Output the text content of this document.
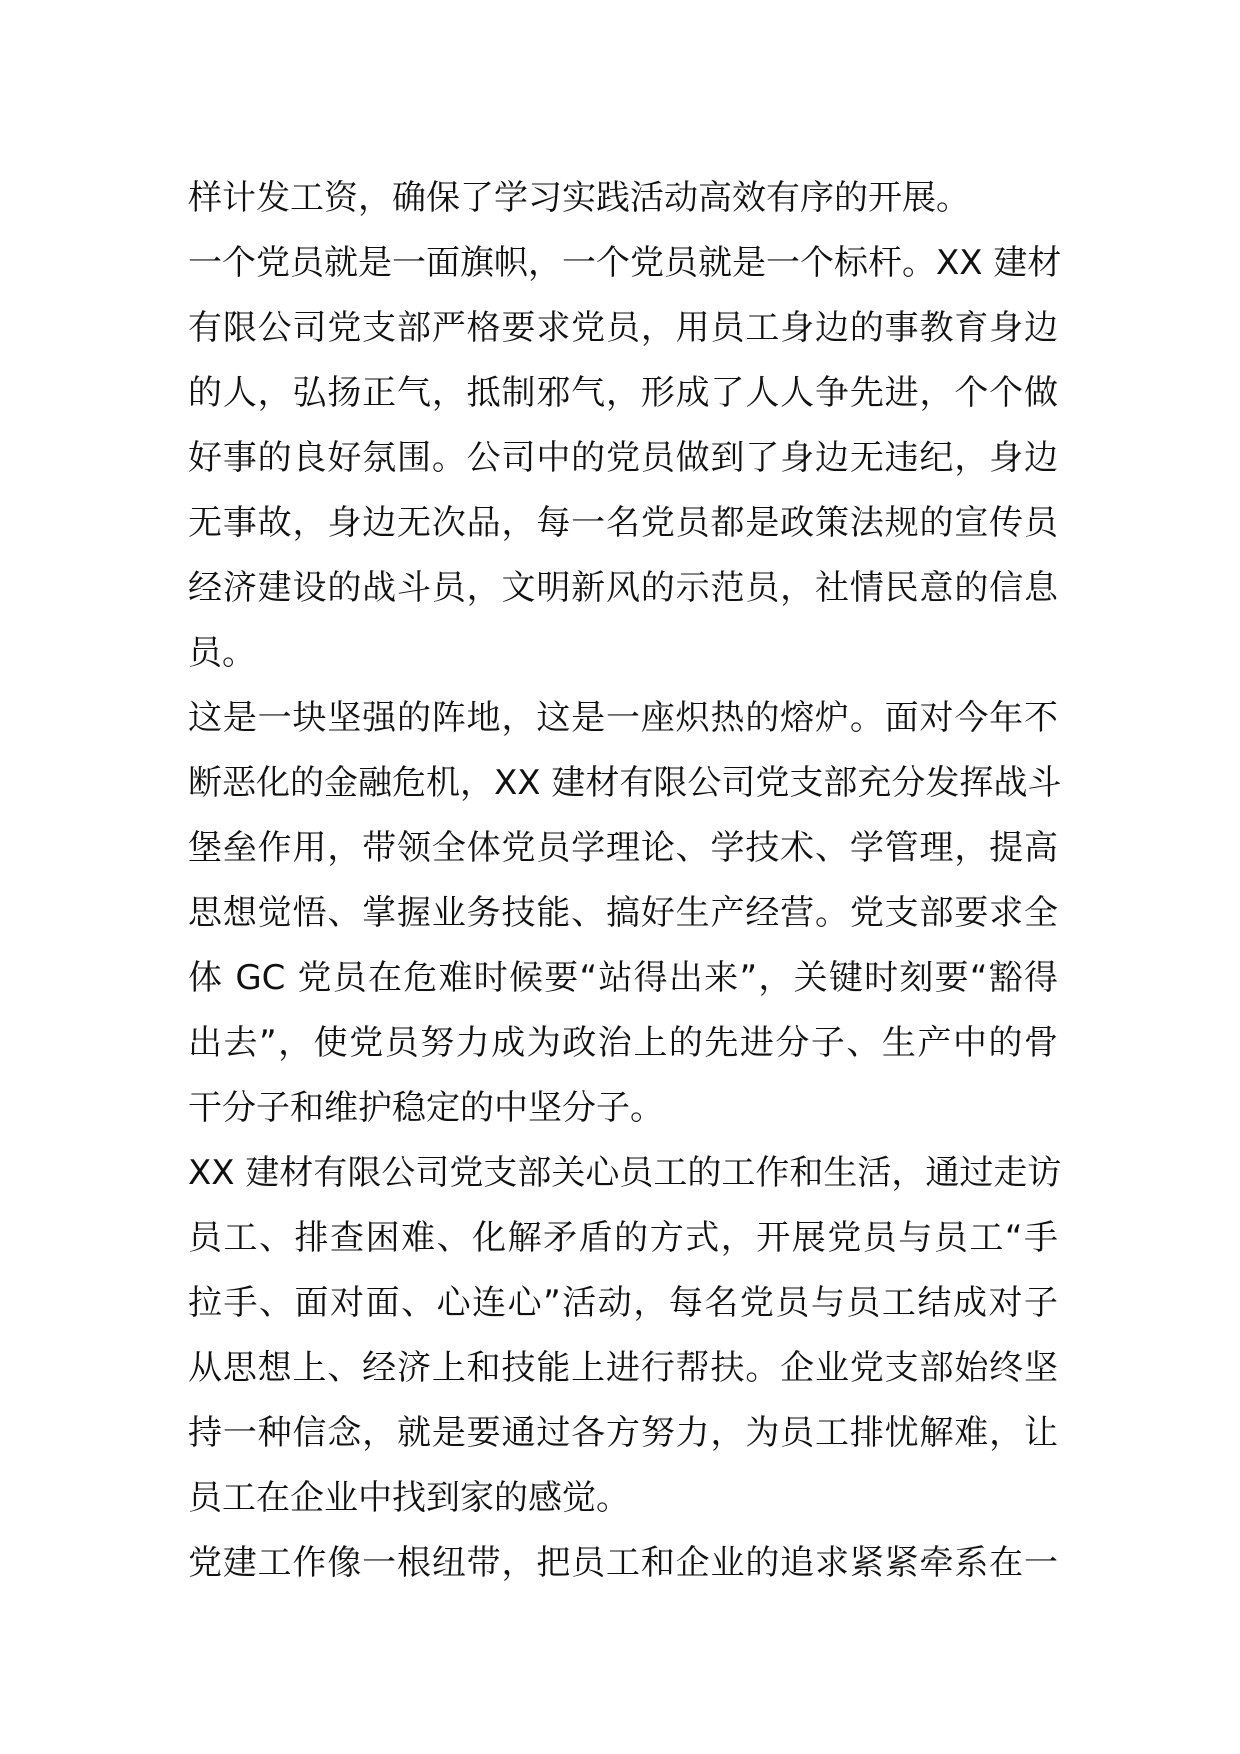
样计发工资，确保了学习实践活动高效有序的开展。
一个党员就是一面旗帜，一个党员就是一个标杆。XX 建材
有限公司党支部严格要求党员，用员工身边的事教育身边
的人，弘扬正气，抵制邪气，形成了人人争先进，个个做
好事的良好氛围。公司中的党员做到了身边无违纪，身边
无事故，身边无次品，每一名党员都是政策法规的宣传员
经济建设的战斗员，文明新风的示范员，社情民意的信息
员。
这是一块坚强的阵地，这是一座炽热的熔炉。面对今年不
断恶化的金融危机，XX 建材有限公司党支部充分发挥战斗
堡垒作用，带领全体党员学理论、学技术、学管理，提高
思想觉悟、掌握业务技能、搞好生产经营。党支部要求全
体 GC 党员在危难时候要“站得出来”，关键时刻要“豁得
出去”，使党员努力成为政治上的先进分子、生产中的骨
干分子和维护稳定的中坚分子。
XX 建材有限公司党支部关心员工的工作和生活，通过走访
员工、排查困难、化解矛盾的方式，开展党员与员工“手
拉手、面对面、心连心”活动，每名党员与员工结成对子
从思想上、经济上和技能上进行帮扶。企业党支部始终坚
持一种信念，就是要通过各方努力，为员工排忧解难，让
员工在企业中找到家的感觉。
党建工作像一根纽带，把员工和企业的追求紧紧牵系在一
